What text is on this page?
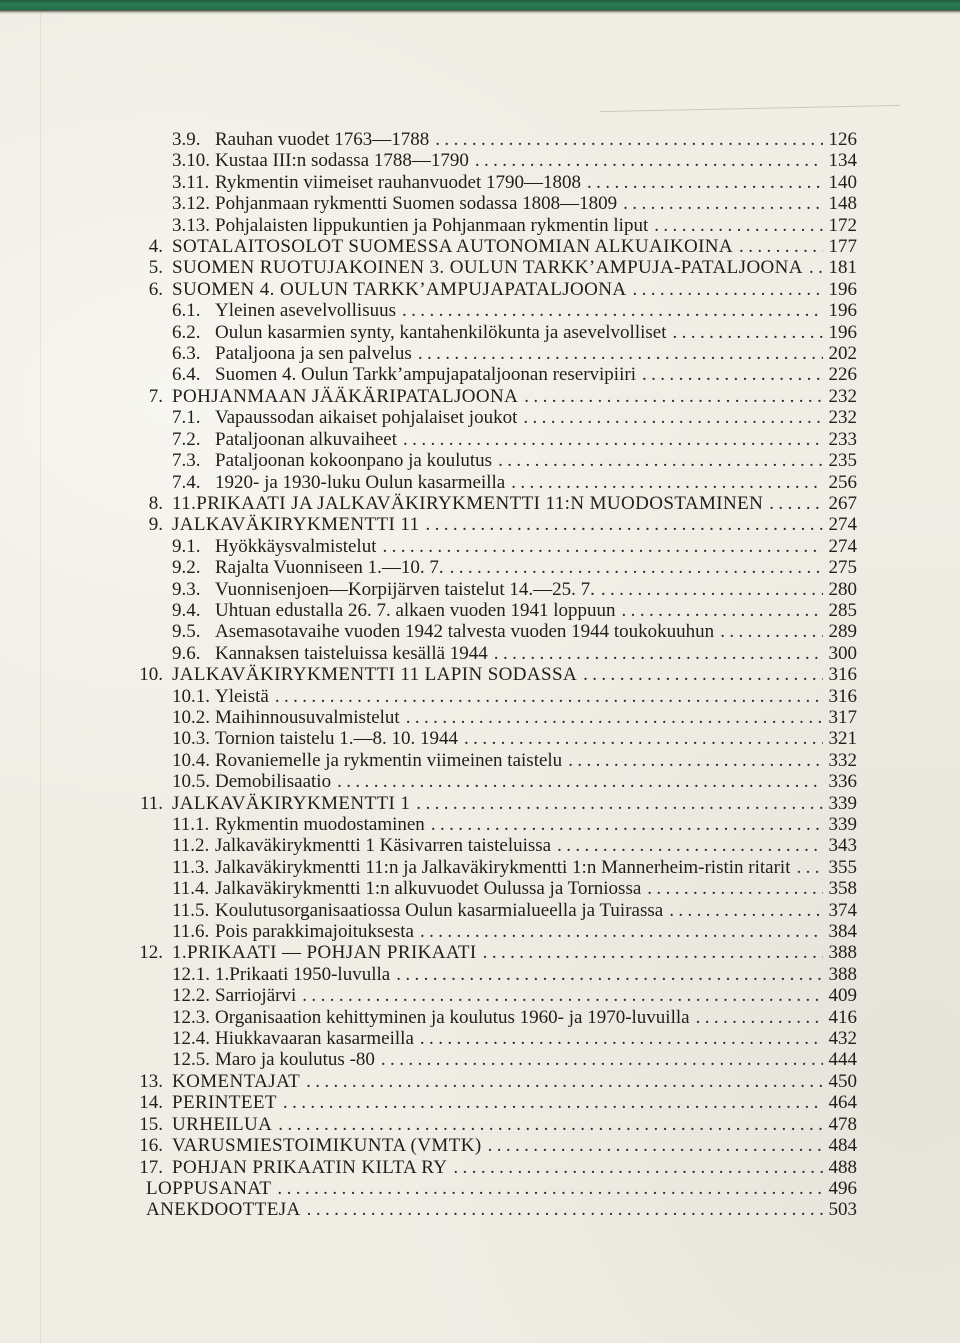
3.9. Rauhan vuodet 1763—1788 .....	126
3.10. Kustaa III:n sodassa 1788—1790 .....	134
3.11. Rykmentin viimeiset rauhanvuodet 1790—1808 .....	140
3.12. Pohjanmaan rykmentti Suomen sodassa 1808—1809 .....	148
3.13. Pohjalaisten lippukuntien ja Pohjanmaan rykmentin liput .....	172
4. SOTALAITOSOLOT SUOMESSA AUTONOMIAN ALKUAIKOINA .....	177
5. SUOMEN RUOTUJAKOINEN 3. OULUN TARKK’AMPUJA-PATALJOONA ..... 181
6. SUOMEN 4. OULUN TARKK’AMPUJAPATALJOONA .....	196
6.1. Yleinen asevelvollisuus .....	196
6.2. Oulun kasarmien synty, kantahenkilökunta ja asevelvolliset .....	196
6.3. Pataljoona ja sen palvelus .....	202
6.4. Suomen 4. Oulun Tarkk’ampujapataljoonan reservipiiri .....	226
7. POHJANMAAN JÄÄKÄRIPATALJOONA .....	232
7.1. Vapaussodan aikaiset pohjalaiset joukot .....	232
7.2. Pataljoonan alkuvaiheet .....	233
7.3. Pataljoonan kokoonpano ja koulutus .....	235
7.4. 1920- ja 1930-luku Oulun kasarmeilla .....	256
8. 11.PRIKAATI JA JALKAVÄKIRYKMENTTI 11:N MUODOSTAMINEN .....	267
9. JALKAVÄKIRYKMENTTI 11 .....	274
9.1. Hyökkäysvalmistelut .....	274
9.2. Rajalta Vuonniseen 1.—10. 7. .....	275
9.3. Vuonnisenjoen—Korpijärven taistelut 14.—25. 7. .....	280
9.4. Uhtuan edustalla 26. 7. alkaen vuoden 1941 loppuun .....	285
9.5. Asemasotavaihe vuoden 1942 talvesta vuoden 1944 toukokuuhun .....	289
9.6. Kannaksen taisteluissa kesällä 1944 .....	300
10. JALKAVÄKIRYKMENTTI 11 LAPIN SODASSA .....	316
10.1. Yleistä .....	316
10.2. Maihinnousuvalmistelut .....	317
10.3. Tornion taistelu 1.—8. 10. 1944 .....	321
10.4. Rovaniemelle ja rykmentin viimeinen taistelu .....	332
10.5. Demobilisaatio .....	336
11. JALKAVÄKIRYKMENTTI 1 .....	339
11.1. Rykmentin muodostaminen .....	339
11.2. Jalkaväkirykmentti 1 Käsivarren taisteluissa .....	343
11.3. Jalkaväkirykmentti 11:n ja Jalkaväkirykmentti 1:n Mannerheim-ristin ritarit ..... 355
11.4. Jalkaväkirykmentti 1:n alkuvuodet Oulussa ja Torniossa .....	358
11.5. Koulutusorganisaatiossa Oulun kasarmialueella ja Tuirassa .....	374
11.6. Pois parakkimajoituksesta .....	384
12. 1.PRIKAATI — POHJAN PRIKAATI .....	388
12.1. 1.Prikaati 1950-luvulla .....	388
12.2. Sarriojärvi .....	409
12.3. Organisaation kehittyminen ja koulutus 1960- ja 1970-luvuilla .....	416
12.4. Hiukkavaaran kasarmeilla .....	432
12.5. Maro ja koulutus -80 .....	444
13. KOMENTAJAT .....	450
14. PERINTEET .....	464
15. URHEILUA .....	478
16. VARUSMIESTOIMIKUNTA (VMTK) .....	484
17. POHJAN PRIKAATIN KILTA RY .....	488
LOPPUSANAT .....	496
ANEKDOOTTEJA .....	503
